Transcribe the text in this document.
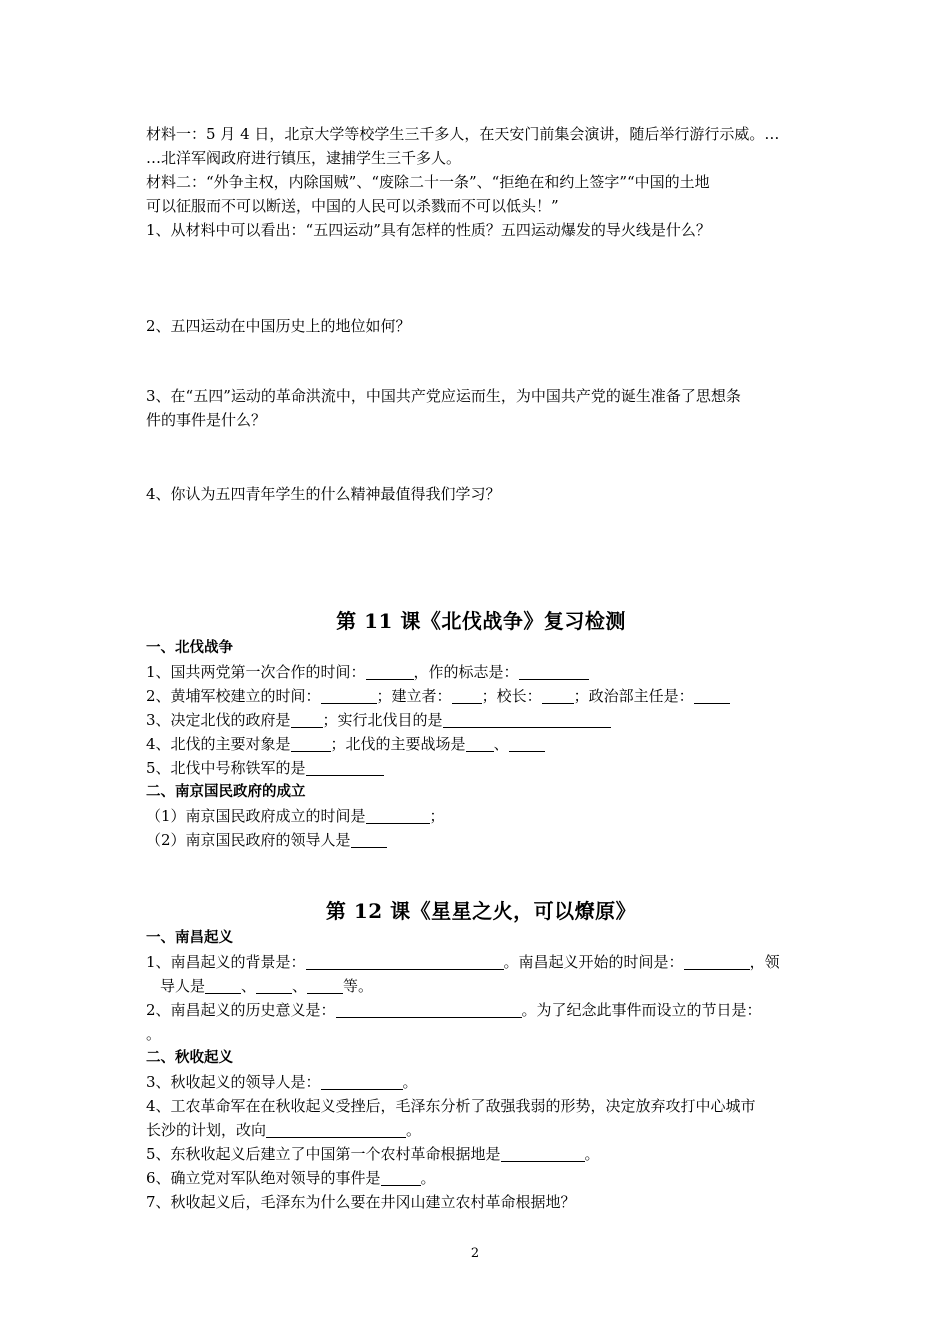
材料一：5 月 4 日，北京大学等校学生三千多人，在天安门前集会演讲，随后举行游行示威。…

…北洋军阀政府进行镇压，逮捕学生三千多人。

材料二：“外争主权，内除国贼”、“废除二十一条”、“拒绝在和约上签字”“中国的土地

可以征服而不可以断送，中国的人民可以杀戮而不可以低头！”

1、从材料中可以看出：“五四运动”具有怎样的性质？五四运动爆发的导火线是什么？

2、五四运动在中国历史上的地位如何？

3、在“五四”运动的革命洪流中，中国共产党应运而生，为中国共产党的诞生准备了思想条

件的事件是什么？

4、你认为五四青年学生的什么精神最值得我们学习？

第 11 课《北伐战争》复习检测

一、北伐战争

1、国共两党第一次合作的时间：	，作的标志是：

2、黄埔军校建立的时间：	；建立者： ；校长： ；政治部主任是：

3、决定北伐的政府是 ；实行北伐目的是

4、北伐的主要对象是	；北伐的主要战场是 、

5、北伐中号称铁军的是

二、南京国民政府的成立

（1）南京国民政府成立的时间是	；

（2）南京国民政府的领导人是

第 12 课《星星之火，可以燎原》

一、南昌起义

1、南昌起义的背景是：	。南昌起义开始的时间是：	，领

导人是 、 、 等。

2、南昌起义的历史意义是：	。为了纪念此事件而设立的节日是：

。

二、秋收起义

3、秋收起义的领导人是：	。

4、工农革命军在在秋收起义受挫后，毛泽东分析了敌强我弱的形势，决定放弃攻打中心城市

长沙的计划，改向	。

5、东秋收起义后建立了中国第一个农村革命根据地是	。

6、确立党对军队绝对领导的事件是	。

7、秋收起义后，毛泽东为什么要在井冈山建立农村革命根据地？

2
